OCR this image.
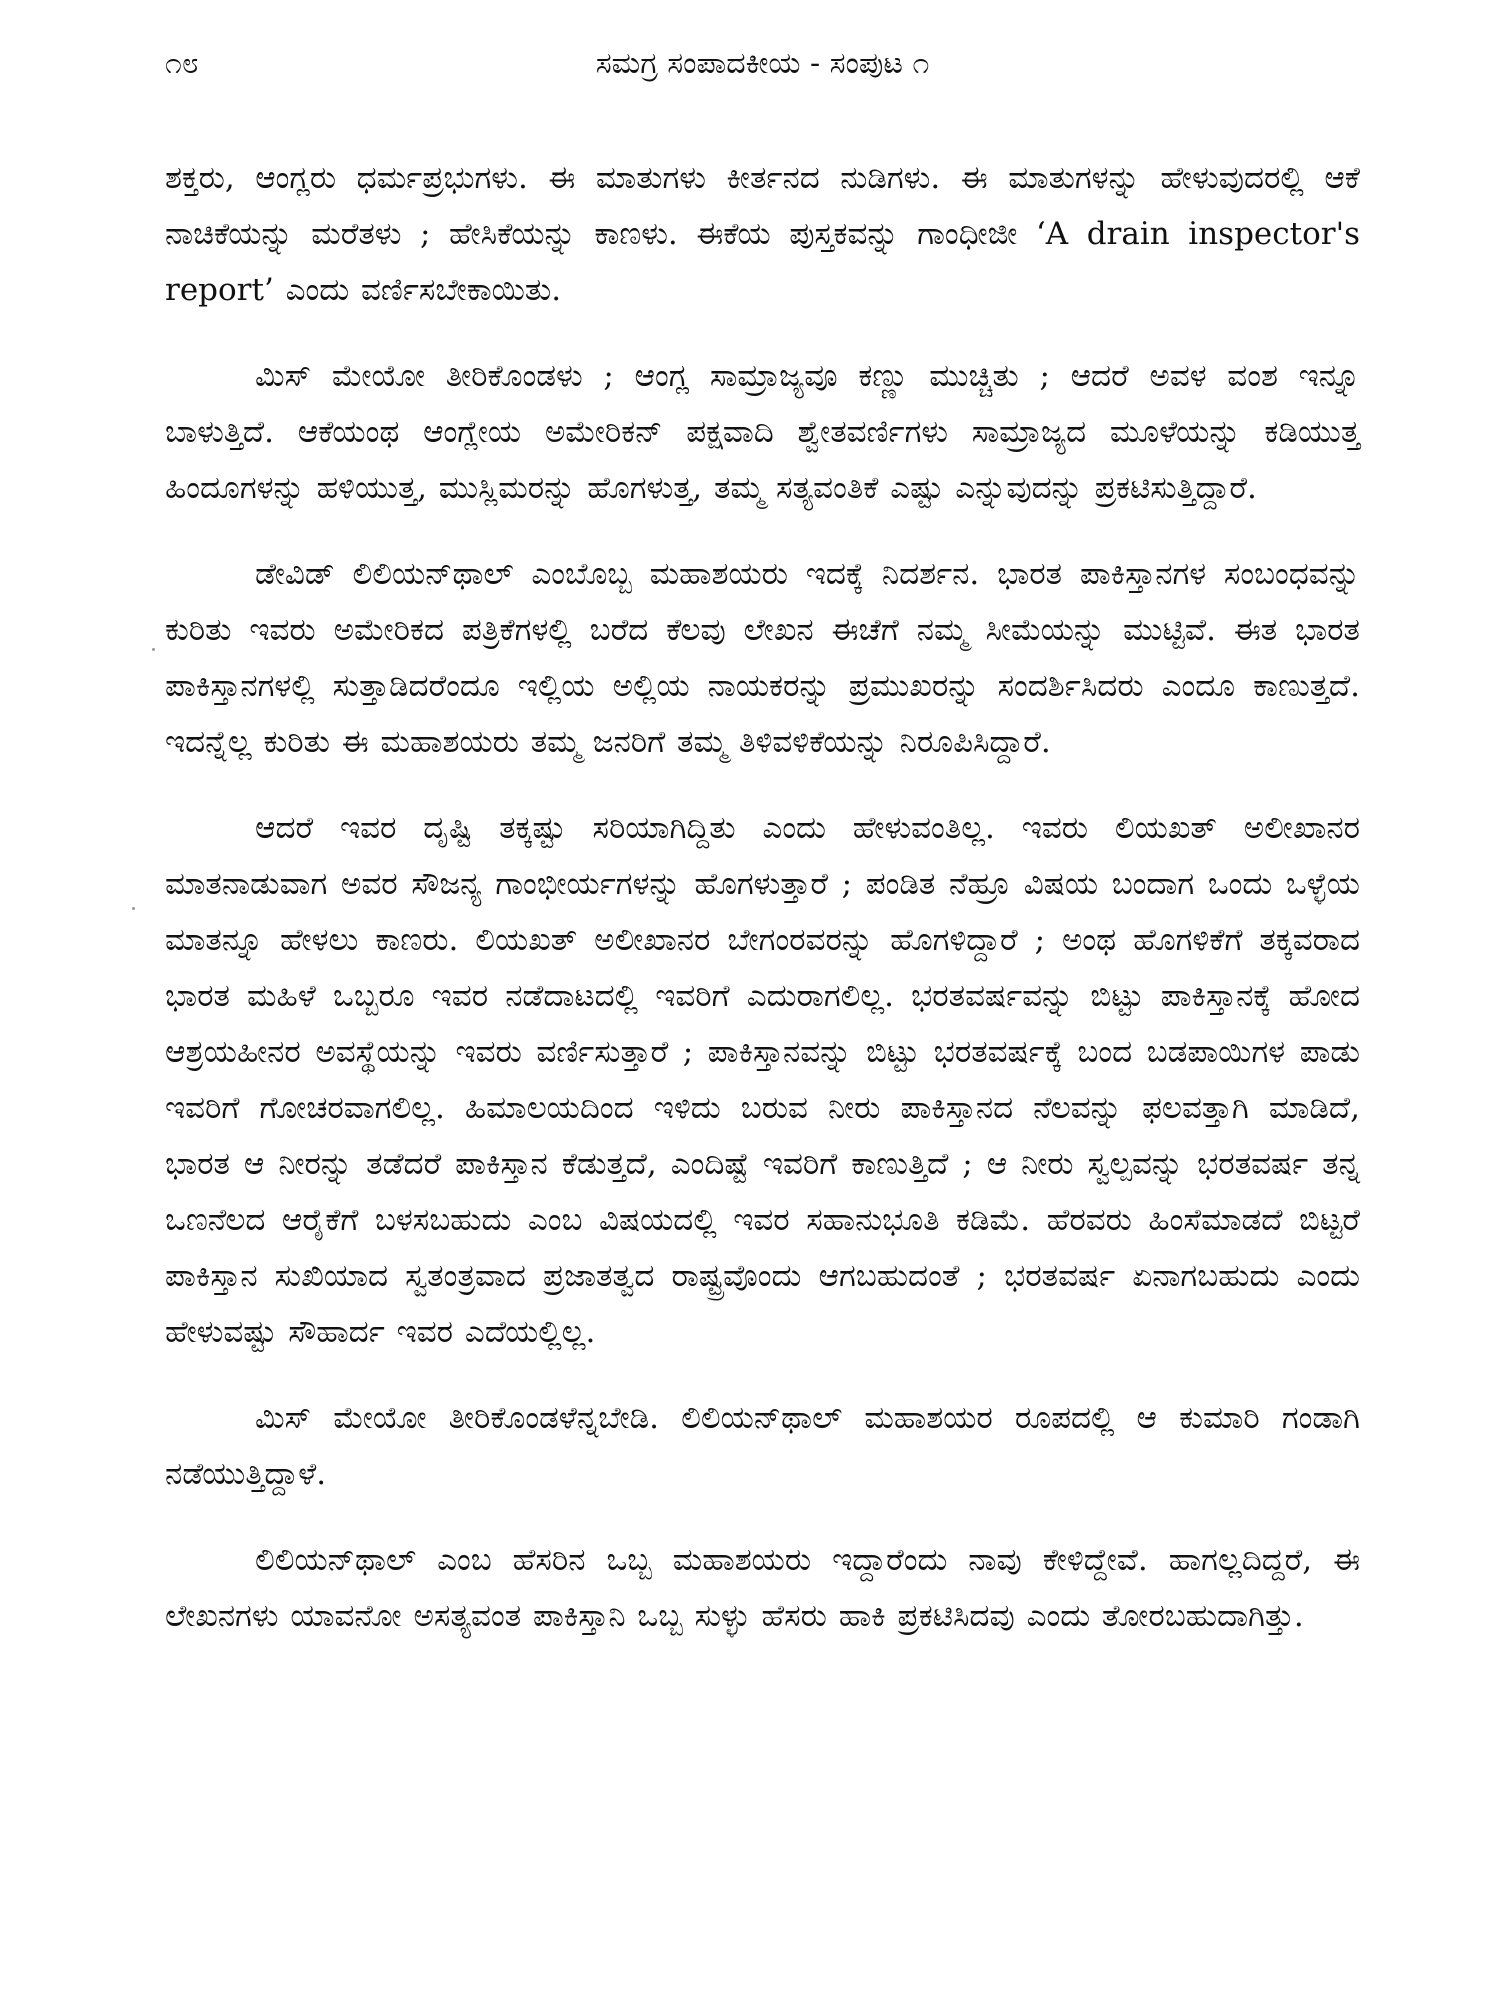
೧೮	ಸಮಗ್ರ ಸಂಪಾದಕೀಯ - ಸಂಪುಟ ೧

ಶಕ್ತರು, ಆಂಗ್ಲರು ಧರ್ಮಪ್ರಭುಗಳು. ಈ ಮಾತುಗಳು ಕೀರ್ತನದ ನುಡಿಗಳು. ಈ ಮಾತುಗಳನ್ನು ಹೇಳುವುದರಲ್ಲಿ ಆಕೆ ನಾಚಿಕೆಯನ್ನು ಮರೆತಳು ; ಹೇಸಿಕೆಯನ್ನು ಕಾಣಳು. ಈಕೆಯ ಪುಸ್ತಕವನ್ನು ಗಾಂಧೀಜೀ ‘A drain inspector's report’ ಎಂದು ವರ್ಣಿಸಬೇಕಾಯಿತು.

ಮಿಸ್ ಮೇಯೋ ತೀರಿಕೊಂಡಳು ; ಆಂಗ್ಲ ಸಾಮ್ರಾಜ್ಯವೂ ಕಣ್ಣು ಮುಚ್ಚಿತು ; ಆದರೆ ಅವಳ ವಂಶ ಇನ್ನೂ ಬಾಳುತ್ತಿದೆ. ಆಕೆಯಂಥ ಆಂಗ್ಲೇಯ ಅಮೇರಿಕನ್ ಪಕ್ಷವಾದಿ ಶ್ವೇತವರ್ಣಿಗಳು ಸಾಮ್ರಾಜ್ಯದ ಮೂಳೆಯನ್ನು ಕಡಿಯುತ್ತ ಹಿಂದೂಗಳನ್ನು ಹಳಿಯುತ್ತ, ಮುಸ್ಲಿಮರನ್ನು ಹೊಗಳುತ್ತ, ತಮ್ಮ ಸತ್ಯವಂತಿಕೆ ಎಷ್ಟು ಎನ್ನುವುದನ್ನು ಪ್ರಕಟಿಸುತ್ತಿದ್ದಾರೆ.

ಡೇವಿಡ್ ಲಿಲಿಯನ್‌ಥಾಲ್ ಎಂಬೊಬ್ಬ ಮಹಾಶಯರು ಇದಕ್ಕೆ ನಿದರ್ಶನ. ಭಾರತ ಪಾಕಿಸ್ತಾನಗಳ ಸಂಬಂಧವನ್ನು ಕುರಿತು ಇವರು ಅಮೇರಿಕದ ಪತ್ರಿಕೆಗಳಲ್ಲಿ ಬರೆದ ಕೆಲವು ಲೇಖನ ಈಚೆಗೆ ನಮ್ಮ ಸೀಮೆಯನ್ನು ಮುಟ್ಟಿವೆ. ಈತ ಭಾರತ ಪಾಕಿಸ್ತಾನಗಳಲ್ಲಿ ಸುತ್ತಾಡಿದರೆಂದೂ ಇಲ್ಲಿಯ ಅಲ್ಲಿಯ ನಾಯಕರನ್ನು ಪ್ರಮುಖರನ್ನು ಸಂದರ್ಶಿಸಿದರು ಎಂದೂ ಕಾಣುತ್ತದೆ. ಇದನ್ನೆಲ್ಲ ಕುರಿತು ಈ ಮಹಾಶಯರು ತಮ್ಮ ಜನರಿಗೆ ತಮ್ಮ ತಿಳಿವಳಿಕೆಯನ್ನು ನಿರೂಪಿಸಿದ್ದಾರೆ.

ಆದರೆ ಇವರ ದೃಷ್ಟಿ ತಕ್ಕಷ್ಟು ಸರಿಯಾಗಿದ್ದಿತು ಎಂದು ಹೇಳುವಂತಿಲ್ಲ. ಇವರು ಲಿಯಖತ್ ಅಲೀಖಾನರ ಮಾತನಾಡುವಾಗ ಅವರ ಸೌಜನ್ಯ ಗಾಂಭೀರ್ಯಗಳನ್ನು ಹೊಗಳುತ್ತಾರೆ ; ಪಂಡಿತ ನೆಹ್ರೂ ವಿಷಯ ಬಂದಾಗ ಒಂದು ಒಳ್ಳೆಯ ಮಾತನ್ನೂ ಹೇಳಲು ಕಾಣರು. ಲಿಯಖತ್ ಅಲೀಖಾನರ ಬೇಗಂರವರನ್ನು ಹೊಗಳಿದ್ದಾರೆ ; ಅಂಥ ಹೊಗಳಿಕೆಗೆ ತಕ್ಕವರಾದ ಭಾರತ ಮಹಿಳೆ ಒಬ್ಬರೂ ಇವರ ನಡೆದಾಟದಲ್ಲಿ ಇವರಿಗೆ ಎದುರಾಗಲಿಲ್ಲ. ಭರತವರ್ಷವನ್ನು ಬಿಟ್ಟು ಪಾಕಿಸ್ತಾನಕ್ಕೆ ಹೋದ ಆಶ್ರಯಹೀನರ ಅವಸ್ಥೆಯನ್ನು ಇವರು ವರ್ಣಿಸುತ್ತಾರೆ ; ಪಾಕಿಸ್ತಾನವನ್ನು ಬಿಟ್ಟು ಭರತವರ್ಷಕ್ಕೆ ಬಂದ ಬಡಪಾಯಿಗಳ ಪಾಡು ಇವರಿಗೆ ಗೋಚರವಾಗಲಿಲ್ಲ. ಹಿಮಾಲಯದಿಂದ ಇಳಿದು ಬರುವ ನೀರು ಪಾಕಿಸ್ತಾನದ ನೆಲವನ್ನು ಫಲವತ್ತಾಗಿ ಮಾಡಿದೆ, ಭಾರತ ಆ ನೀರನ್ನು ತಡೆದರೆ ಪಾಕಿಸ್ತಾನ ಕೆಡುತ್ತದೆ, ಎಂದಿಷ್ಟೆ ಇವರಿಗೆ ಕಾಣುತ್ತಿದೆ ; ಆ ನೀರು ಸ್ವಲ್ಪವನ್ನು ಭರತವರ್ಷ ತನ್ನ ಒಣನೆಲದ ಆರೈಕೆಗೆ ಬಳಸಬಹುದು ಎಂಬ ವಿಷಯದಲ್ಲಿ ಇವರ ಸಹಾನುಭೂತಿ ಕಡಿಮೆ. ಹೆರವರು ಹಿಂಸೆಮಾಡದೆ ಬಿಟ್ಟರೆ ಪಾಕಿಸ್ತಾನ ಸುಖಿಯಾದ ಸ್ವತಂತ್ರವಾದ ಪ್ರಜಾತತ್ವದ ರಾಷ್ಟ್ರವೊಂದು ಆಗಬಹುದಂತೆ ; ಭರತವರ್ಷ ಏನಾಗಬಹುದು ಎಂದು ಹೇಳುವಷ್ಟು ಸೌಹಾರ್ದ ಇವರ ಎದೆಯಲ್ಲಿಲ್ಲ.

ಮಿಸ್ ಮೇಯೋ ತೀರಿಕೊಂಡಳೆನ್ನಬೇಡಿ. ಲಿಲಿಯನ್‌ಥಾಲ್ ಮಹಾಶಯರ ರೂಪದಲ್ಲಿ ಆ ಕುಮಾರಿ ಗಂಡಾಗಿ ನಡೆಯುತ್ತಿದ್ದಾಳೆ.

ಲಿಲಿಯನ್‌ಥಾಲ್ ಎಂಬ ಹೆಸರಿನ ಒಬ್ಬ ಮಹಾಶಯರು ಇದ್ದಾರೆಂದು ನಾವು ಕೇಳಿದ್ದೇವೆ. ಹಾಗಲ್ಲದಿದ್ದರೆ, ಈ ಲೇಖನಗಳು ಯಾವನೋ ಅಸತ್ಯವಂತ ಪಾಕಿಸ್ತಾನಿ ಒಬ್ಬ ಸುಳ್ಳು ಹೆಸರು ಹಾಕಿ ಪ್ರಕಟಿಸಿದವು ಎಂದು ತೋರಬಹುದಾಗಿತ್ತು.
